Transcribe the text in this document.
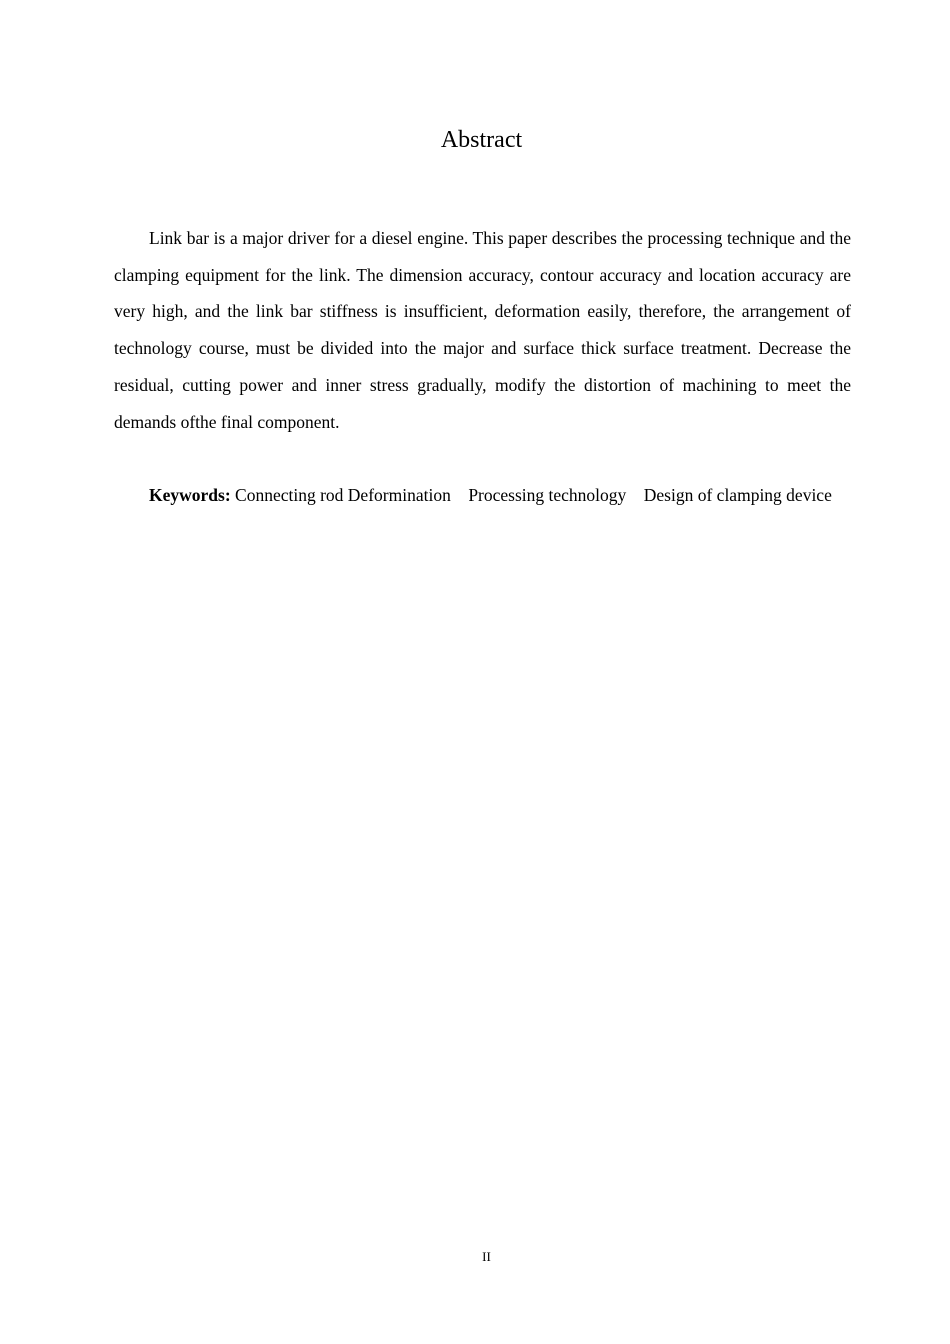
Abstract

Link bar is a major driver for a diesel engine. This paper describes the processing technique and the clamping equipment for the link. The dimension accuracy, contour accuracy and location accuracy are very high, and the link bar stiffness is insufficient, deformation easily, therefore, the arrangement of technology course, must be divided into the major and surface thick surface treatment. Decrease the residual, cutting power and inner stress gradually, modify the distortion of machining to meet the demands ofthe final component.

Keywords: Connecting rod Deformination    Processing technology    Design of clamping device

II
